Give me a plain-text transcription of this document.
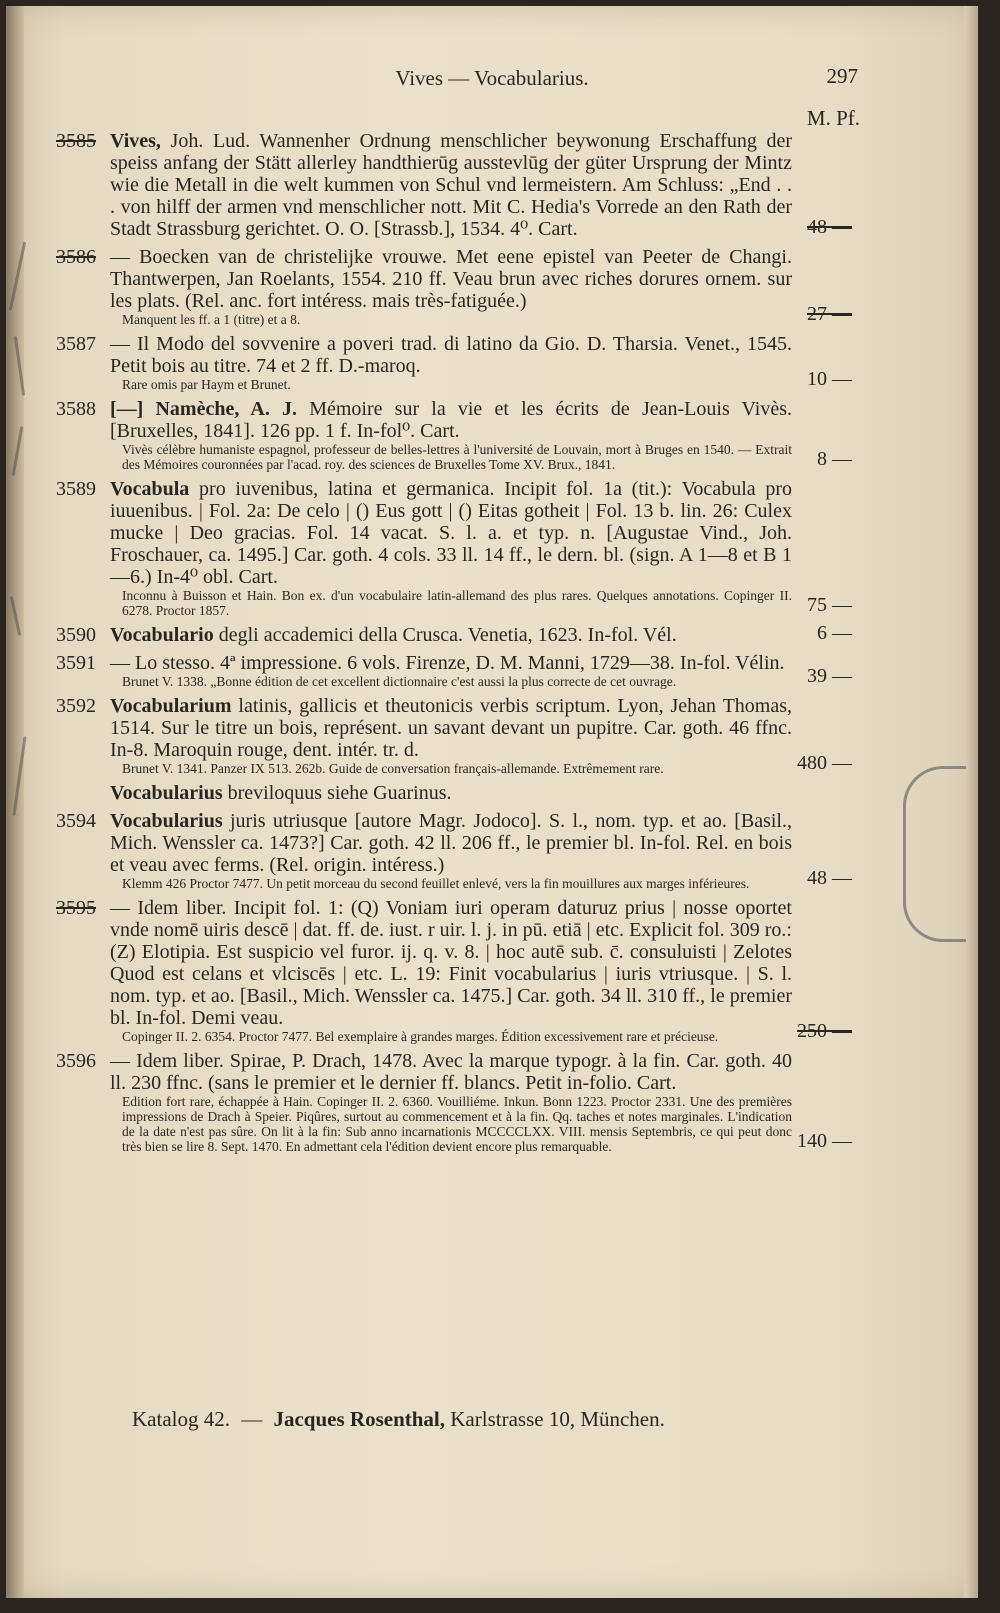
Vives — Vocabularius.	297
M. Pf.
3585 Vives, Joh. Lud. Wannenher Ordnung menschlicher beywonung Erschaffung der speiss anfang der Stätt allerley handthierūg ausstevlūg der güter Ursprung der Mintz wie die Metall in die welt kummen von Schul vnd lermeistern. Am Schluss: „End . . . von hilff der armen vnd menschlicher nott. Mit C. Hedia's Vorrede an den Rath der Stadt Strassburg gerichtet. O. O. [Strassb.], 1534. 4⁰. Cart.	48 —
3586 — Boecken van de christelijke vrouwe. Met eene epistel van Peeter de Changi. Thantwerpen, Jan Roelants, 1554. 210 ff. Veau brun avec riches dorures ornem. sur les plats. (Rel. anc. fort intéress. mais très-fatiguée.)
Manquent les ff. a 1 (titre) et a 8.	27 —
3587 — Il Modo del sovvenire a poveri trad. di latino da Gio. D. Tharsia. Venet., 1545. Petit bois au titre. 74 et 2 ff. D.-maroq.
Rare omis par Haym et Brunet.	10 —
3588 [—] Namèche, A. J. Mémoire sur la vie et les écrits de Jean-Louis Vivès. [Bruxelles, 1841]. 126 pp. 1 f. In-fol⁰. Cart.
Vivès célèbre humaniste espagnol, professeur de belles-lettres à l'université de Louvain, mort à Bruges en 1540. — Extrait des Mémoires couronnées par l'acad. roy. des sciences de Bruxelles Tome XV. Brux., 1841.	8 —
3589 Vocabula pro iuvenibus, latina et germanica. Incipit fol. 1a (tit.): Vocabula pro iuuenibus. | Fol. 2a: De celo | () Eus gott | () Eitas gotheit | Fol. 13 b. lin. 26: Culex mucke | Deo gracias. Fol. 14 vacat. S. l. a. et typ. n. [Augustae Vind., Joh. Froschauer, ca. 1495.] Car. goth. 4 cols. 33 ll. 14 ff., le dern. bl. (sign. A 1—8 et B 1—6.) In-4⁰ obl. Cart.
Inconnu à Buisson et Hain. Bon ex. d'un vocabulaire latin-allemand des plus rares. Quelques annotations. Copinger II. 6278. Proctor 1857.	75 —
3590 Vocabulario degli accademici della Crusca. Venetia, 1623. In-fol. Vél.	6 —
3591 — Lo stesso. 4ª impressione. 6 vols. Firenze, D. M. Manni, 1729—38. In-fol. Vélin.
Brunet V. 1338. „Bonne édition de cet excellent dictionnaire c'est aussi la plus correcte de cet ouvrage.	39 —
3592 Vocabularium latinis, gallicis et theutonicis verbis scriptum. Lyon, Jehan Thomas, 1514. Sur le titre un bois, représent. un savant devant un pupitre. Car. goth. 46 ffnc. In-8. Maroquin rouge, dent. intér. tr. d.
Brunet V. 1341. Panzer IX 513. 262b. Guide de conversation français-allemande. Extrêmement rare.	480 —
Vocabularius breviloquus siehe Guarinus.
3594 Vocabularius juris utriusque [autore Magr. Jodoco]. S. l., nom. typ. et ao. [Basil., Mich. Wenssler ca. 1473?] Car. goth. 42 ll. 206 ff., le premier bl. In-fol. Rel. en bois et veau avec ferms. (Rel. origin. intéress.)
Klemm 426 Proctor 7477. Un petit morceau du second feuillet enlevé, vers la fin mouillures aux marges inférieures.	48 —
3595 — Idem liber. Incipit fol. 1: (Q) Voniam iuri operam daturuz prius | nosse oportet vnde nomē uiris descē | dat. ff. de. iust. r uir. l. j. in pū. etiā | etc. Explicit fol. 309 ro.: (Z) Elotipia. Est suspicio vel furor. ij. q. v. 8. | hoc autē sub. c̄. consuluisti | Zelotes Quod est celans et vlciscēs | etc. L. 19: Finit vocabularius | iuris vtriusque. | S. l. nom. typ. et ao. [Basil., Mich. Wenssler ca. 1475.] Car. goth. 34 ll. 310 ff., le premier bl. In-fol. Demi veau.
Copinger II. 2. 6354. Proctor 7477. Bel exemplaire à grandes marges. Édition excessivement rare et précieuse.	250 —
3596 — Idem liber. Spirae, P. Drach, 1478. Avec la marque typogr. à la fin. Car. goth. 40 ll. 230 ffnc. (sans le premier et le dernier ff. blancs. Petit in-folio. Cart.
Edition fort rare, échappée à Hain. Copinger II. 2. 6360. Vouilliéme. Inkun. Bonn 1223. Proctor 2331. Une des premières impressions de Drach à Speier. Piqûres, surtout au commencement et à la fin. Qq. taches et notes marginales. L'indication de la date n'est pas sûre. On lit à la fin: Sub anno incarnationis MCCCCLXX. VIII. mensis Septembris, ce qui peut donc très bien se lire 8. Sept. 1470. En admettant cela l'édition devient encore plus remarquable.	140 —
Katalog 42. — Jacques Rosenthal, Karlstrasse 10, München.
